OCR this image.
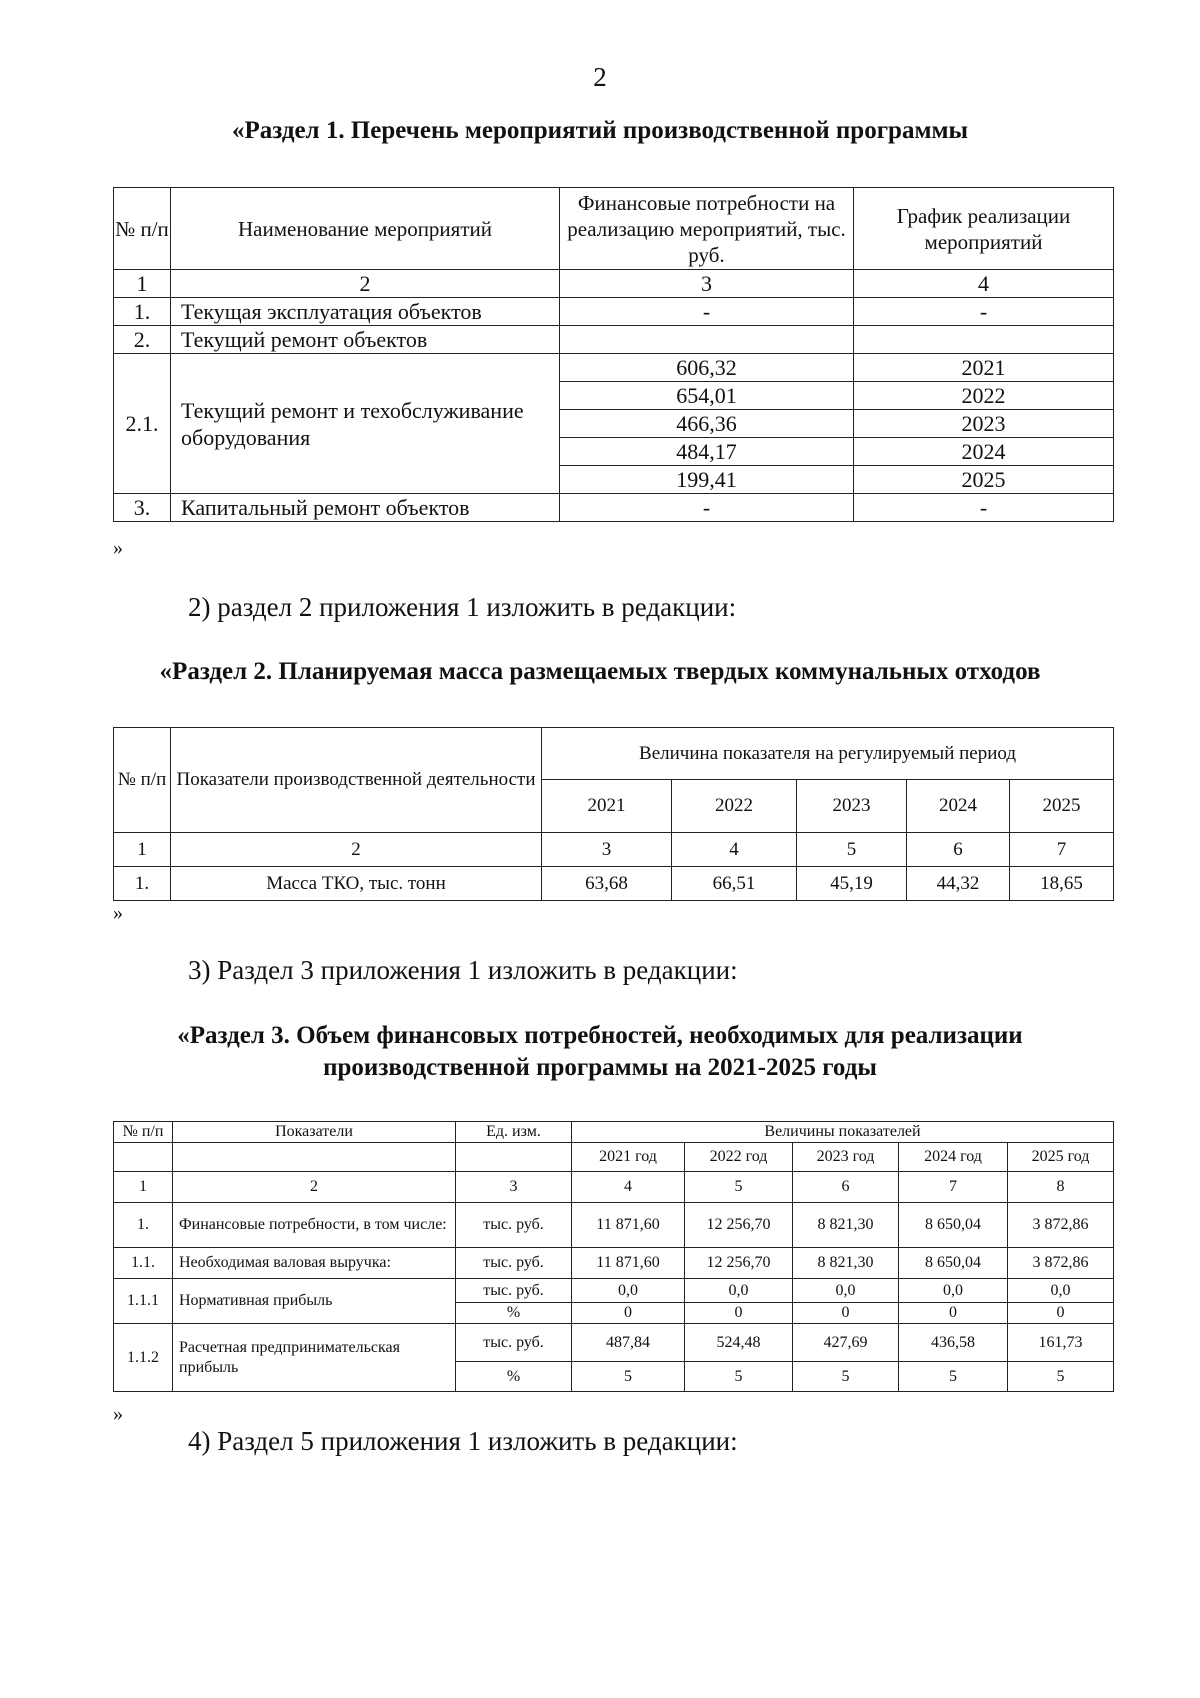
2
«Раздел 1. Перечень мероприятий производственной программы
№ п/п	Наименование мероприятий	Финансовые потребности на реализацию мероприятий, тыс. руб.	График реализации мероприятий
1	2	3	4
1.	Текущая эксплуатация объектов	-	-
2.	Текущий ремонт объектов		
2.1.	Текущий ремонт и техобслуживание оборудования	606,32	2021
		654,01	2022
		466,36	2023
		484,17	2024
		199,41	2025
3.	Капитальный ремонт объектов	-	-
»
2) раздел 2 приложения 1 изложить в редакции:
«Раздел 2. Планируемая масса размещаемых твердых коммунальных отходов
№ п/п	Показатели производственной деятельности	Величина показателя на регулируемый период				
		2021	2022	2023	2024	2025
1	2	3	4	5	6	7
1.	Масса ТКО, тыс. тонн	63,68	66,51	45,19	44,32	18,65
»
3) Раздел 3 приложения 1 изложить в редакции:
«Раздел 3. Объем финансовых потребностей, необходимых для реализации
производственной программы на 2021-2025 годы
№ п/п	Показатели	Ед. изм.	Величины показателей				
			2021 год	2022 год	2023 год	2024 год	2025 год
1	2	3	4	5	6	7	8
1.	Финансовые потребности, в том числе:	тыс. руб.	11 871,60	12 256,70	8 821,30	8 650,04	3 872,86
1.1.	Необходимая валовая выручка:	тыс. руб.	11 871,60	12 256,70	8 821,30	8 650,04	3 872,86
1.1.1	Нормативная прибыль	тыс. руб.	0,0	0,0	0,0	0,0	0,0
		%	0	0	0	0	0
1.1.2	Расчетная предпринимательская прибыль	тыс. руб.	487,84	524,48	427,69	436,58	161,73
		%	5	5	5	5	5
»
4) Раздел 5 приложения 1 изложить в редакции:
